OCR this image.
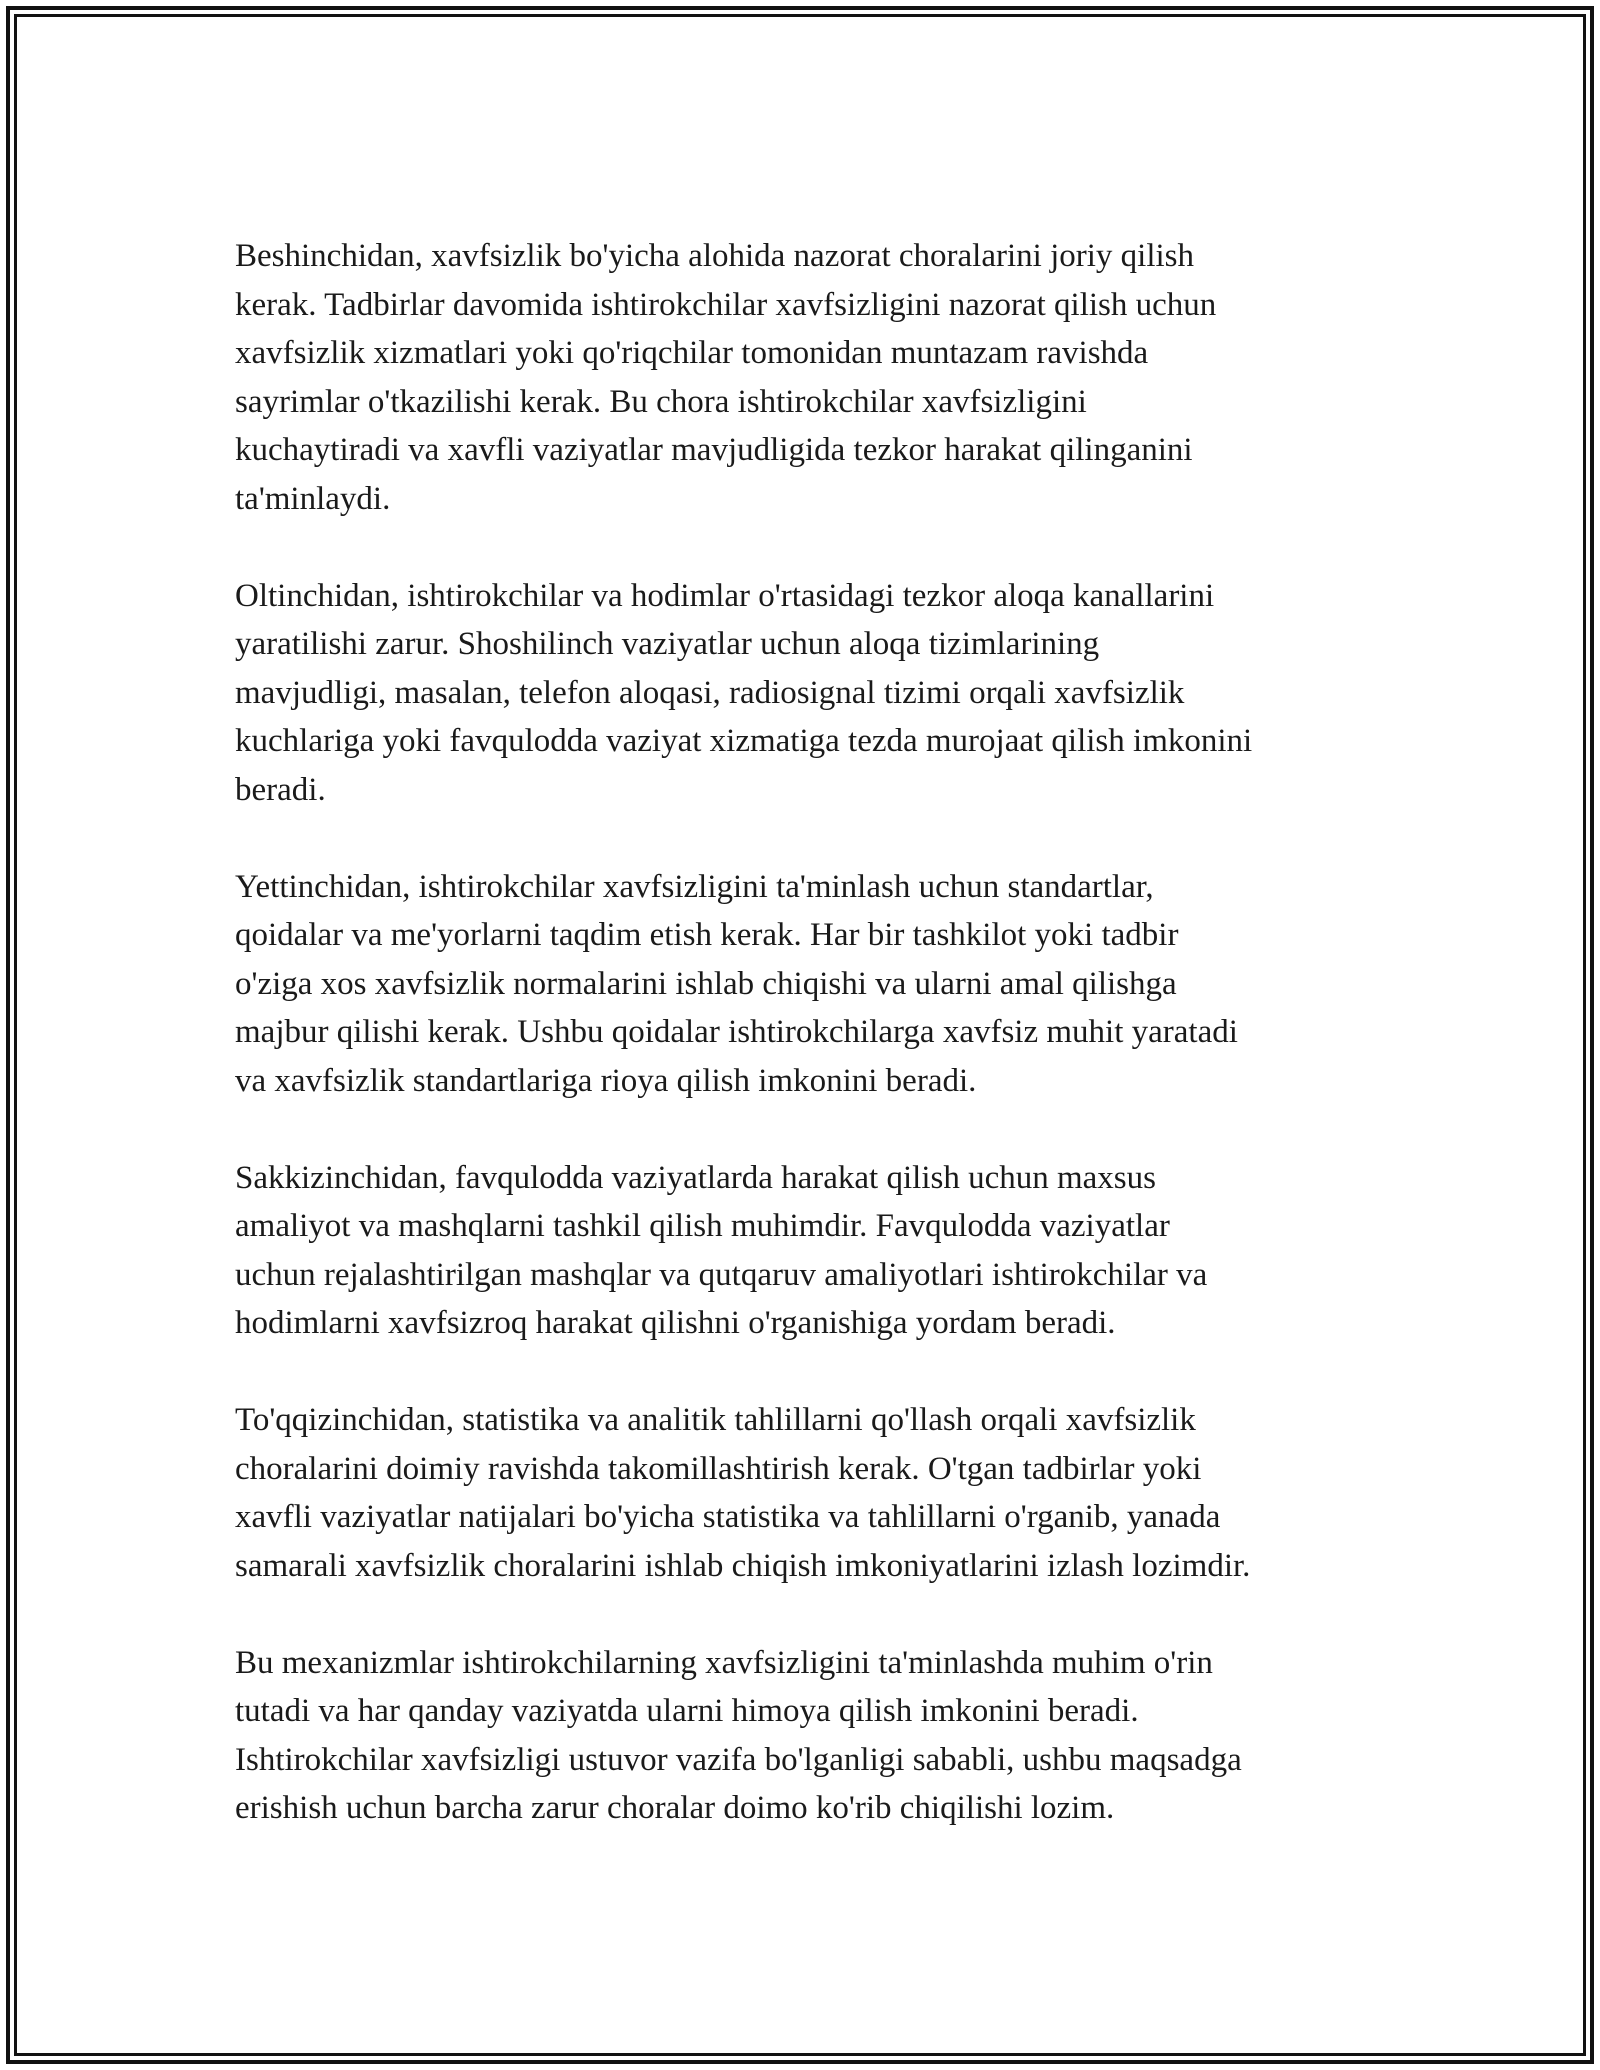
Beshinchidan, xavfsizlik bo'yicha alohida nazorat choralarini joriy qilish
kerak. Tadbirlar davomida ishtirokchilar xavfsizligini nazorat qilish uchun
xavfsizlik xizmatlari yoki qo'riqchilar tomonidan muntazam ravishda
sayrimlar o'tkazilishi kerak. Bu chora ishtirokchilar xavfsizligini
kuchaytiradi va xavfli vaziyatlar mavjudligida tezkor harakat qilinganini
ta'minlaydi.

Oltinchidan, ishtirokchilar va hodimlar o'rtasidagi tezkor aloqa kanallarini
yaratilishi zarur. Shoshilinch vaziyatlar uchun aloqa tizimlarining
mavjudligi, masalan, telefon aloqasi, radiosignal tizimi orqali xavfsizlik
kuchlariga yoki favqulodda vaziyat xizmatiga tezda murojaat qilish imkonini
beradi.

Yettinchidan, ishtirokchilar xavfsizligini ta'minlash uchun standartlar,
qoidalar va me'yorlarni taqdim etish kerak. Har bir tashkilot yoki tadbir
o'ziga xos xavfsizlik normalarini ishlab chiqishi va ularni amal qilishga
majbur qilishi kerak. Ushbu qoidalar ishtirokchilarga xavfsiz muhit yaratadi
va xavfsizlik standartlariga rioya qilish imkonini beradi.

Sakkizinchidan, favqulodda vaziyatlarda harakat qilish uchun maxsus
amaliyot va mashqlarni tashkil qilish muhimdir. Favqulodda vaziyatlar
uchun rejalashtirilgan mashqlar va qutqaruv amaliyotlari ishtirokchilar va
hodimlarni xavfsizroq harakat qilishni o'rganishiga yordam beradi.

To'qqizinchidan, statistika va analitik tahlillarni qo'llash orqali xavfsizlik
choralarini doimiy ravishda takomillashtirish kerak. O'tgan tadbirlar yoki
xavfli vaziyatlar natijalari bo'yicha statistika va tahlillarni o'rganib, yanada
samarali xavfsizlik choralarini ishlab chiqish imkoniyatlarini izlash lozimdir.

Bu mexanizmlar ishtirokchilarning xavfsizligini ta'minlashda muhim o'rin
tutadi va har qanday vaziyatda ularni himoya qilish imkonini beradi.
Ishtirokchilar xavfsizligi ustuvor vazifa bo'lganligi sababli, ushbu maqsadga
erishish uchun barcha zarur choralar doimo ko'rib chiqilishi lozim.
